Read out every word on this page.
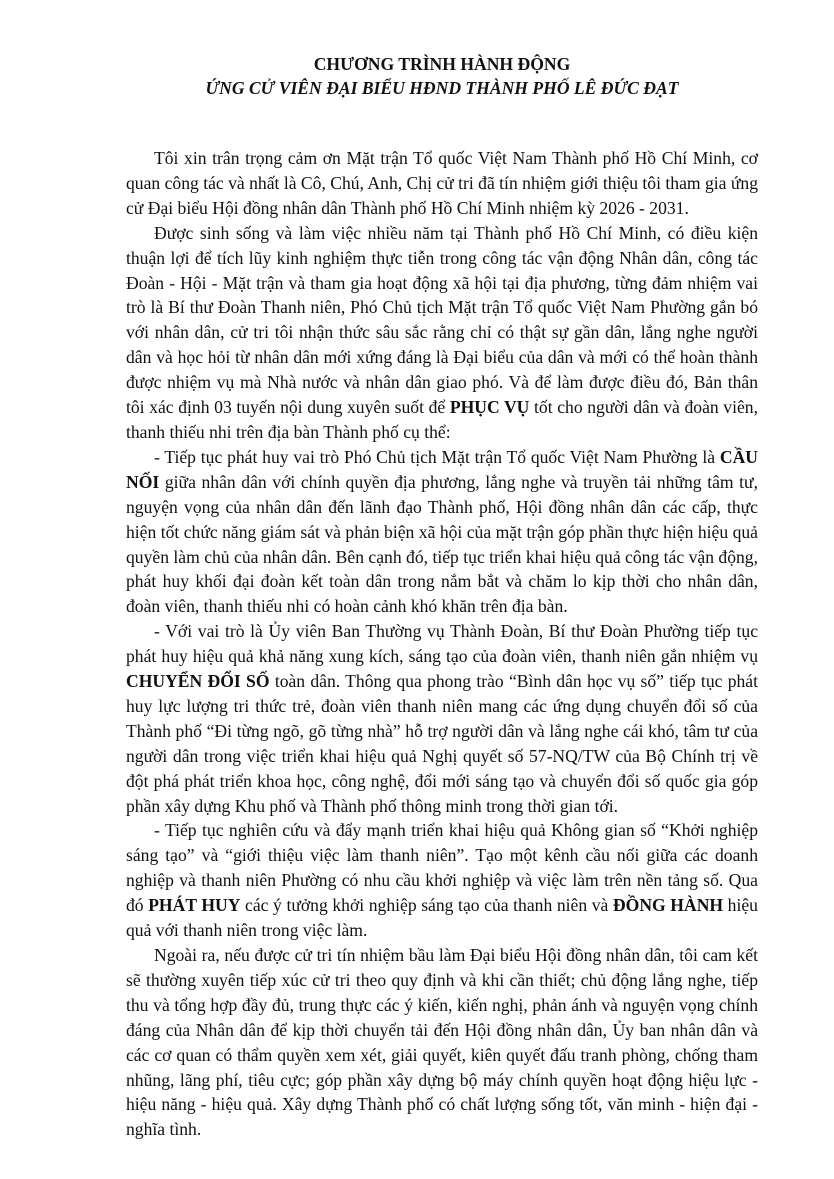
CHƯƠNG TRÌNH HÀNH ĐỘNG
ỨNG CỬ VIÊN ĐẠI BIỂU HĐND THÀNH PHỐ LÊ ĐỨC ĐẠT

Tôi xin trân trọng cảm ơn Mặt trận Tổ quốc Việt Nam Thành phố Hồ Chí Minh, cơ quan công tác và nhất là Cô, Chú, Anh, Chị cử tri đã tín nhiệm giới thiệu tôi tham gia ứng cử Đại biểu Hội đồng nhân dân Thành phố Hồ Chí Minh nhiệm kỳ 2026 - 2031.

Được sinh sống và làm việc nhiều năm tại Thành phố Hồ Chí Minh, có điều kiện thuận lợi để tích lũy kinh nghiệm thực tiễn trong công tác vận động Nhân dân, công tác Đoàn - Hội - Mặt trận và tham gia hoạt động xã hội tại địa phương, từng đảm nhiệm vai trò là Bí thư Đoàn Thanh niên, Phó Chủ tịch Mặt trận Tổ quốc Việt Nam Phường gắn bó với nhân dân, cử tri tôi nhận thức sâu sắc rằng chỉ có thật sự gần dân, lắng nghe người dân và học hỏi từ nhân dân mới xứng đáng là Đại biểu của dân và mới có thể hoàn thành được nhiệm vụ mà Nhà nước và nhân dân giao phó. Và để làm được điều đó, Bản thân tôi xác định 03 tuyến nội dung xuyên suốt để PHỤC VỤ tốt cho người dân và đoàn viên, thanh thiếu nhi trên địa bàn Thành phố cụ thể:

- Tiếp tục phát huy vai trò Phó Chủ tịch Mặt trận Tổ quốc Việt Nam Phường là CẦU NỐI giữa nhân dân với chính quyền địa phương, lắng nghe và truyền tải những tâm tư, nguyện vọng của nhân dân đến lãnh đạo Thành phố, Hội đồng nhân dân các cấp, thực hiện tốt chức năng giám sát và phản biện xã hội của mặt trận góp phần thực hiện hiệu quả quyền làm chủ của nhân dân. Bên cạnh đó, tiếp tục triển khai hiệu quả công tác vận động, phát huy khối đại đoàn kết toàn dân trong nắm bắt và chăm lo kịp thời cho nhân dân, đoàn viên, thanh thiếu nhi có hoàn cảnh khó khăn trên địa bàn.

- Với vai trò là Ủy viên Ban Thường vụ Thành Đoàn, Bí thư Đoàn Phường tiếp tục phát huy hiệu quả khả năng xung kích, sáng tạo của đoàn viên, thanh niên gắn nhiệm vụ CHUYỂN ĐỔI SỐ toàn dân. Thông qua phong trào “Bình dân học vụ số” tiếp tục phát huy lực lượng tri thức trẻ, đoàn viên thanh niên mang các ứng dụng chuyển đổi số của Thành phố “Đi từng ngõ, gõ từng nhà” hỗ trợ người dân và lắng nghe cái khó, tâm tư của người dân trong việc triển khai hiệu quả Nghị quyết số 57-NQ/TW của Bộ Chính trị về đột phá phát triển khoa học, công nghệ, đổi mới sáng tạo và chuyển đổi số quốc gia góp phần xây dựng Khu phố và Thành phố thông minh trong thời gian tới.

- Tiếp tục nghiên cứu và đẩy mạnh triển khai hiệu quả Không gian số “Khởi nghiệp sáng tạo” và “giới thiệu việc làm thanh niên”. Tạo một kênh cầu nối giữa các doanh nghiệp và thanh niên Phường có nhu cầu khởi nghiệp và việc làm trên nền tảng số. Qua đó PHÁT HUY các ý tưởng khởi nghiệp sáng tạo của thanh niên và ĐỒNG HÀNH hiệu quả với thanh niên trong việc làm.

Ngoài ra, nếu được cử tri tín nhiệm bầu làm Đại biểu Hội đồng nhân dân, tôi cam kết sẽ thường xuyên tiếp xúc cử tri theo quy định và khi cần thiết; chủ động lắng nghe, tiếp thu và tổng hợp đầy đủ, trung thực các ý kiến, kiến nghị, phản ánh và nguyện vọng chính đáng của Nhân dân để kịp thời chuyển tải đến Hội đồng nhân dân, Ủy ban nhân dân và các cơ quan có thẩm quyền xem xét, giải quyết, kiên quyết đấu tranh phòng, chống tham nhũng, lãng phí, tiêu cực; góp phần xây dựng bộ máy chính quyền hoạt động hiệu lực - hiệu năng - hiệu quả. Xây dựng Thành phố có chất lượng sống tốt, văn minh - hiện đại - nghĩa tình.
